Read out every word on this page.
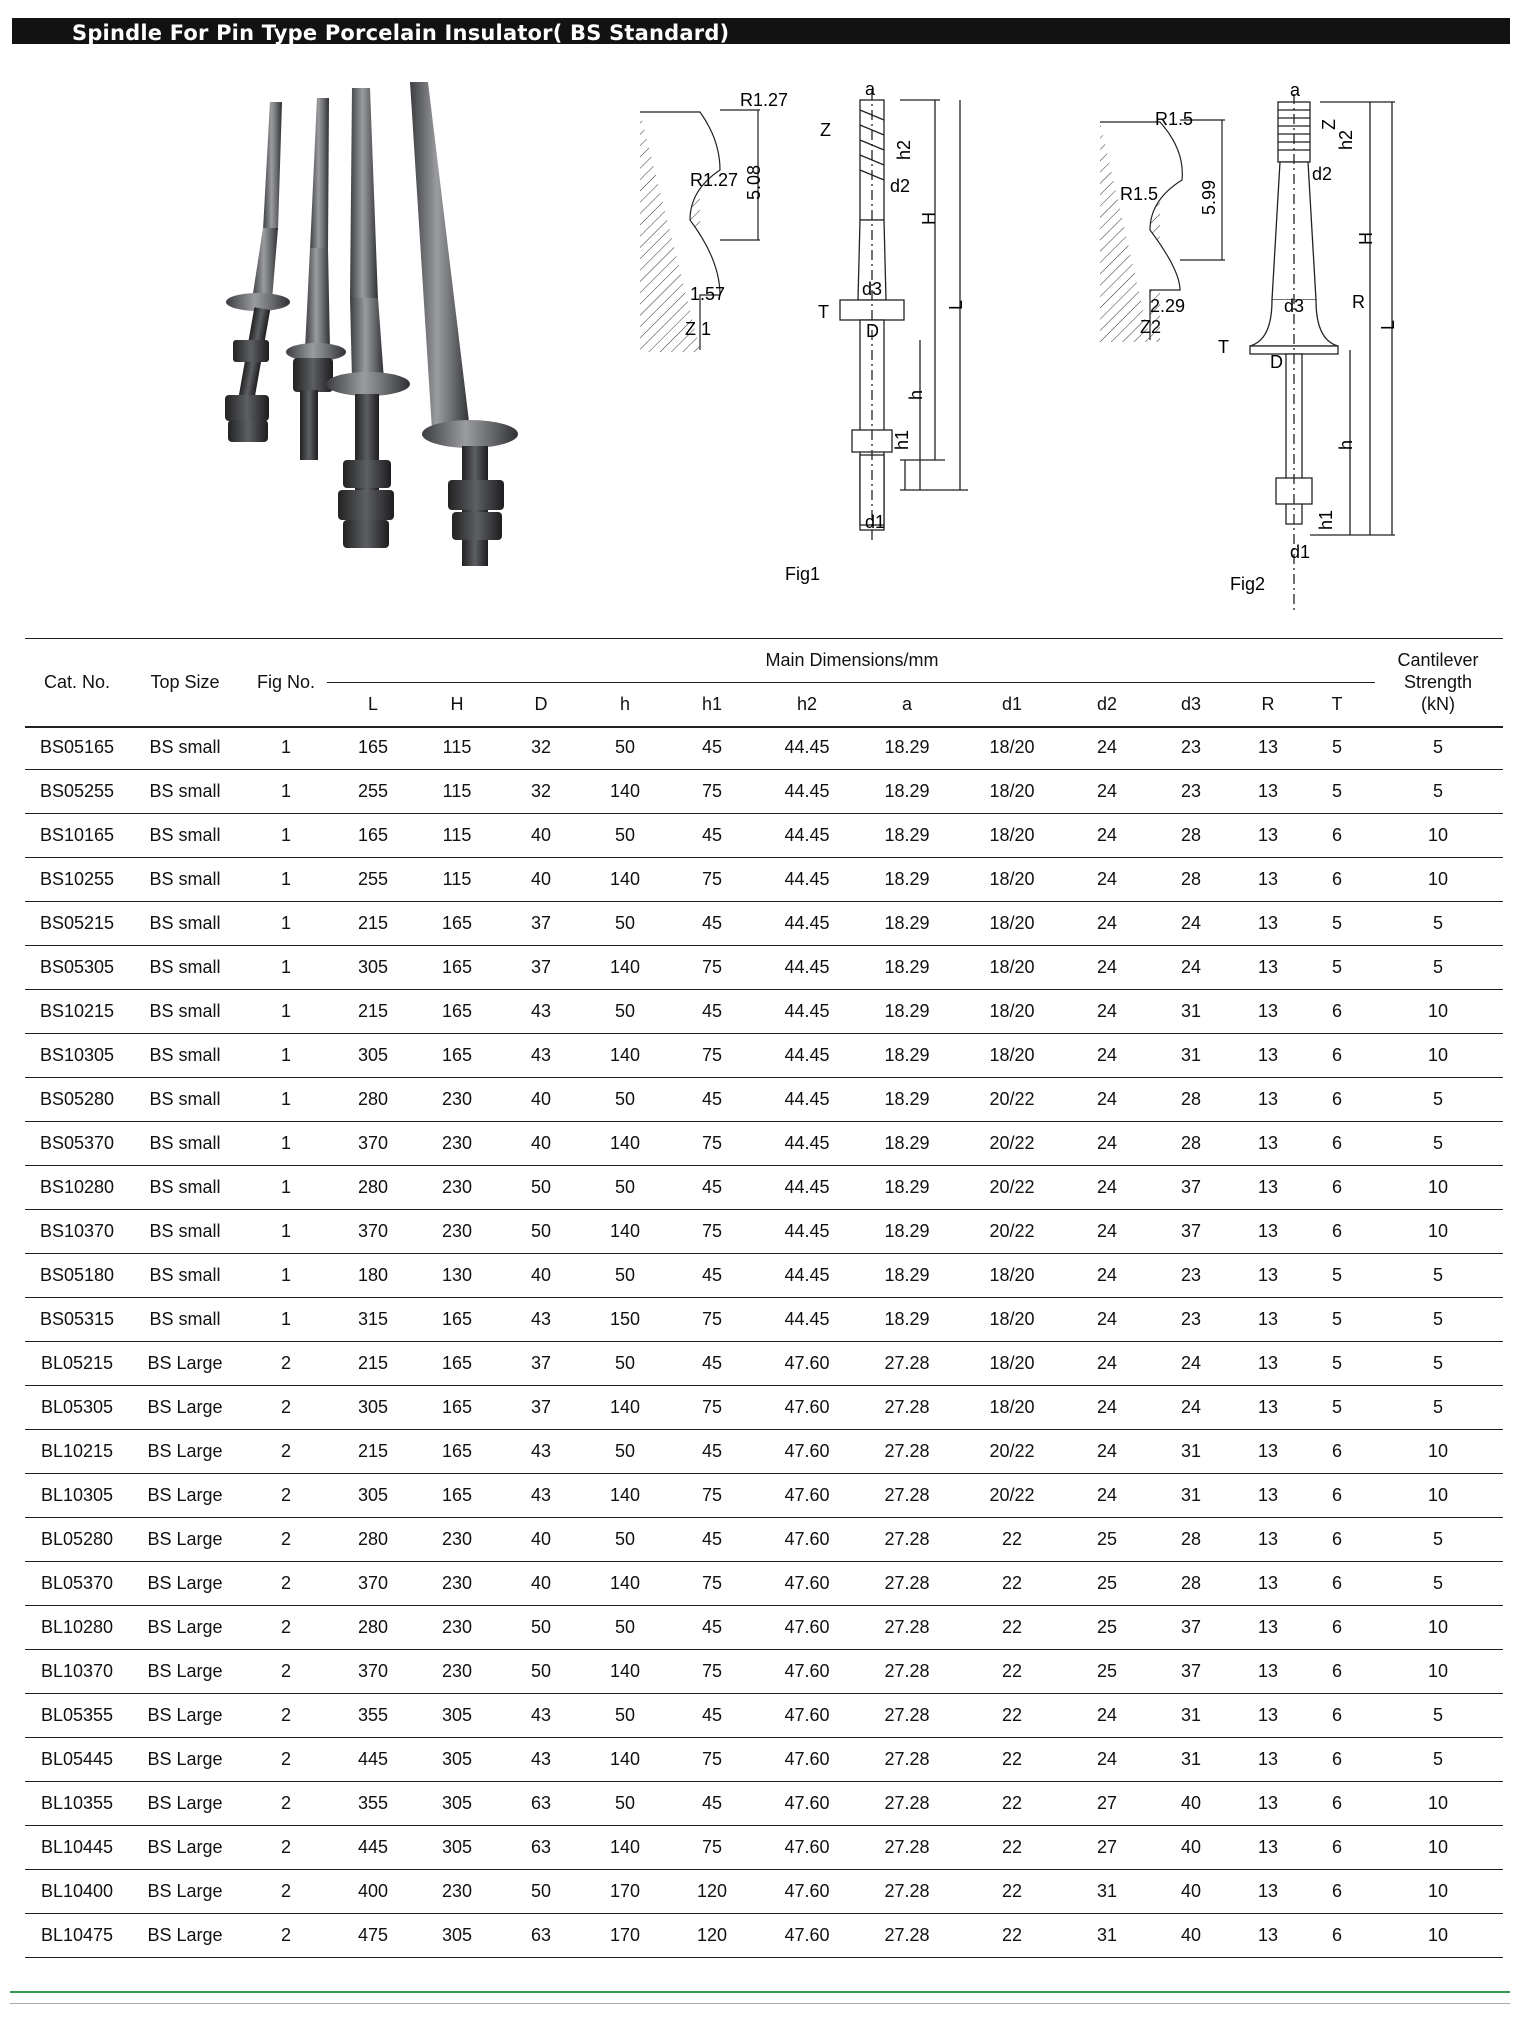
Spindle For Pin Type Porcelain Insulator( BS Standard)
R1.27
R1.27 5.08
1.57
Z 1
a
Z
h2
d2
H
L
d3
T
D
h
h1
d1
Fig1
R1.5
R1.5 5.99
2.29
Z2
a
Z
h2
d2
H
L
d3	R
T
D
h
h1
d1
Fig2
Cat. No.	Top Size	Fig No.	Main Dimensions/mm												Cantilever
Strength
(kN)

			L	H	D	h	h1	h2	a	d1	d2	d3	R	T	
BS05165	BS small	1	165	115	32	50	45	44.45	18.29	18/20	24	23	13	5	5
BS05255	BS small	1	255	115	32	140	75	44.45	18.29	18/20	24	23	13	5	5
BS10165	BS small	1	165	115	40	50	45	44.45	18.29	18/20	24	28	13	6	10
BS10255	BS small	1	255	115	40	140	75	44.45	18.29	18/20	24	28	13	6	10
BS05215	BS small	1	215	165	37	50	45	44.45	18.29	18/20	24	24	13	5	5
BS05305	BS small	1	305	165	37	140	75	44.45	18.29	18/20	24	24	13	5	5
BS10215	BS small	1	215	165	43	50	45	44.45	18.29	18/20	24	31	13	6	10
BS10305	BS small	1	305	165	43	140	75	44.45	18.29	18/20	24	31	13	6	10
BS05280	BS small	1	280	230	40	50	45	44.45	18.29	20/22	24	28	13	6	5
BS05370	BS small	1	370	230	40	140	75	44.45	18.29	20/22	24	28	13	6	5
BS10280	BS small	1	280	230	50	50	45	44.45	18.29	20/22	24	37	13	6	10
BS10370	BS small	1	370	230	50	140	75	44.45	18.29	20/22	24	37	13	6	10
BS05180	BS small	1	180	130	40	50	45	44.45	18.29	18/20	24	23	13	5	5
BS05315	BS small	1	315	165	43	150	75	44.45	18.29	18/20	24	23	13	5	5
BL05215	BS Large	2	215	165	37	50	45	47.60	27.28	18/20	24	24	13	5	5
BL05305	BS Large	2	305	165	37	140	75	47.60	27.28	18/20	24	24	13	5	5
BL10215	BS Large	2	215	165	43	50	45	47.60	27.28	20/22	24	31	13	6	10
BL10305	BS Large	2	305	165	43	140	75	47.60	27.28	20/22	24	31	13	6	10
BL05280	BS Large	2	280	230	40	50	45	47.60	27.28	22	25	28	13	6	5
BL05370	BS Large	2	370	230	40	140	75	47.60	27.28	22	25	28	13	6	5
BL10280	BS Large	2	280	230	50	50	45	47.60	27.28	22	25	37	13	6	10
BL10370	BS Large	2	370	230	50	140	75	47.60	27.28	22	25	37	13	6	10
BL05355	BS Large	2	355	305	43	50	45	47.60	27.28	22	24	31	13	6	5
BL05445	BS Large	2	445	305	43	140	75	47.60	27.28	22	24	31	13	6	5
BL10355	BS Large	2	355	305	63	50	45	47.60	27.28	22	27	40	13	6	10
BL10445	BS Large	2	445	305	63	140	75	47.60	27.28	22	27	40	13	6	10
BL10400	BS Large	2	400	230	50	170	120	47.60	27.28	22	31	40	13	6	10
BL10475	BS Large	2	475	305	63	170	120	47.60	27.28	22	31	40	13	6	10
